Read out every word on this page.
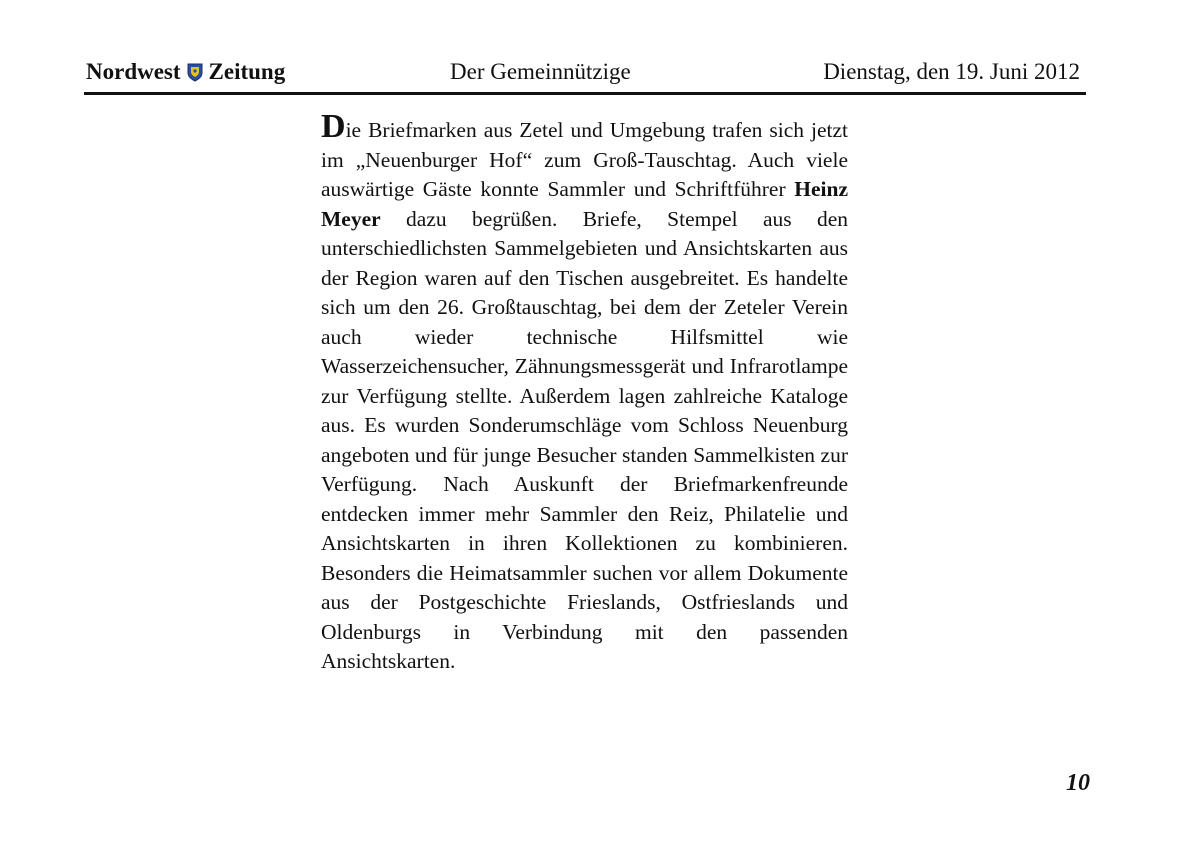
Nordwest Zeitung	Der Gemeinnützige	Dienstag, den 19. Juni 2012
Die Briefmarken aus Zetel und Umgebung trafen sich jetzt im „Neuenburger Hof“ zum Groß-Tauschtag. Auch viele auswärtige Gäste konnte Sammler und Schriftführer Heinz Meyer dazu begrüßen. Briefe, Stempel aus den unterschiedlichsten Sammelgebieten und Ansichtskarten aus der Region waren auf den Tischen ausgebreitet. Es handelte sich um den 26. Großtauschtag, bei dem der Zeteler Verein auch wieder technische Hilfsmittel wie Wasserzeichensucher, Zähnungsmessgerät und Infrarotlampe zur Verfügung stellte. Außerdem lagen zahlreiche Kataloge aus. Es wurden Sonderumschläge vom Schloss Neuenburg angeboten und für junge Besucher standen Sammelkisten zur Verfügung. Nach Auskunft der Briefmarkenfreunde entdecken immer mehr Sammler den Reiz, Philatelie und Ansichtskarten in ihren Kollektionen zu kombinieren. Besonders die Heimatsammler suchen vor allem Dokumente aus der Postgeschichte Frieslands, Ostfrieslands und Oldenburgs in Verbindung mit den passenden Ansichtskarten.
10
